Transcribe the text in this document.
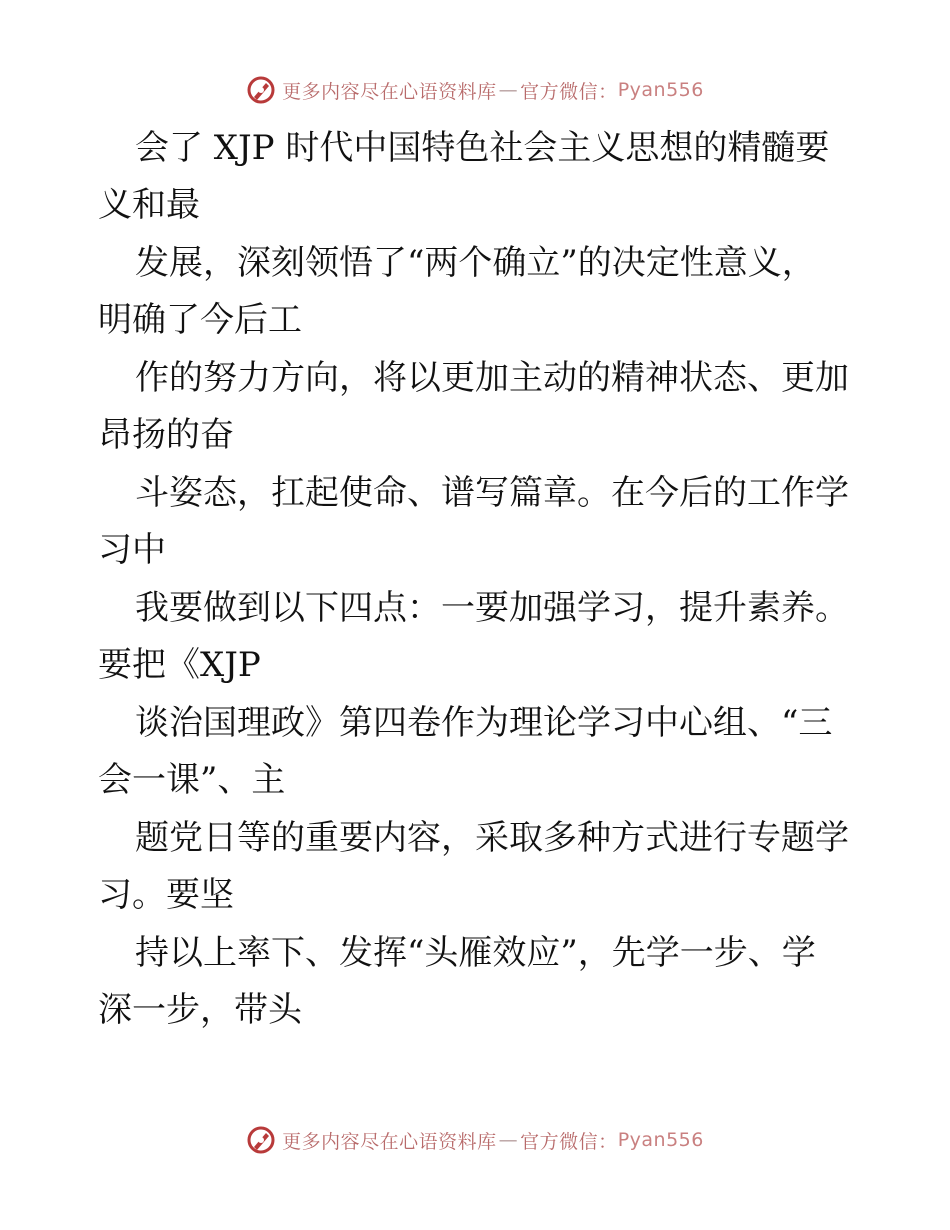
更多内容尽在心语资料库 — 官方微信： Pyan556
会了 XJP 时代中国特色社会主义思想的精髓要
义和最
发展，深刻领悟了“两个确立”的决定性意义，
明确了今后工
作的努力方向，将以更加主动的精神状态、更加
昂扬的奋
斗姿态，扛起使命、谱写篇章。在今后的工作学
习中
我要做到以下四点：一要加强学习，提升素养。
要把《XJP
谈治国理政》第四卷作为理论学习中心组、“三
会一课”、主
题党日等的重要内容，采取多种方式进行专题学
习。要坚
持以上率下、发挥“头雁效应”，先学一步、学
深一步，带头
更多内容尽在心语资料库 — 官方微信： Pyan556
